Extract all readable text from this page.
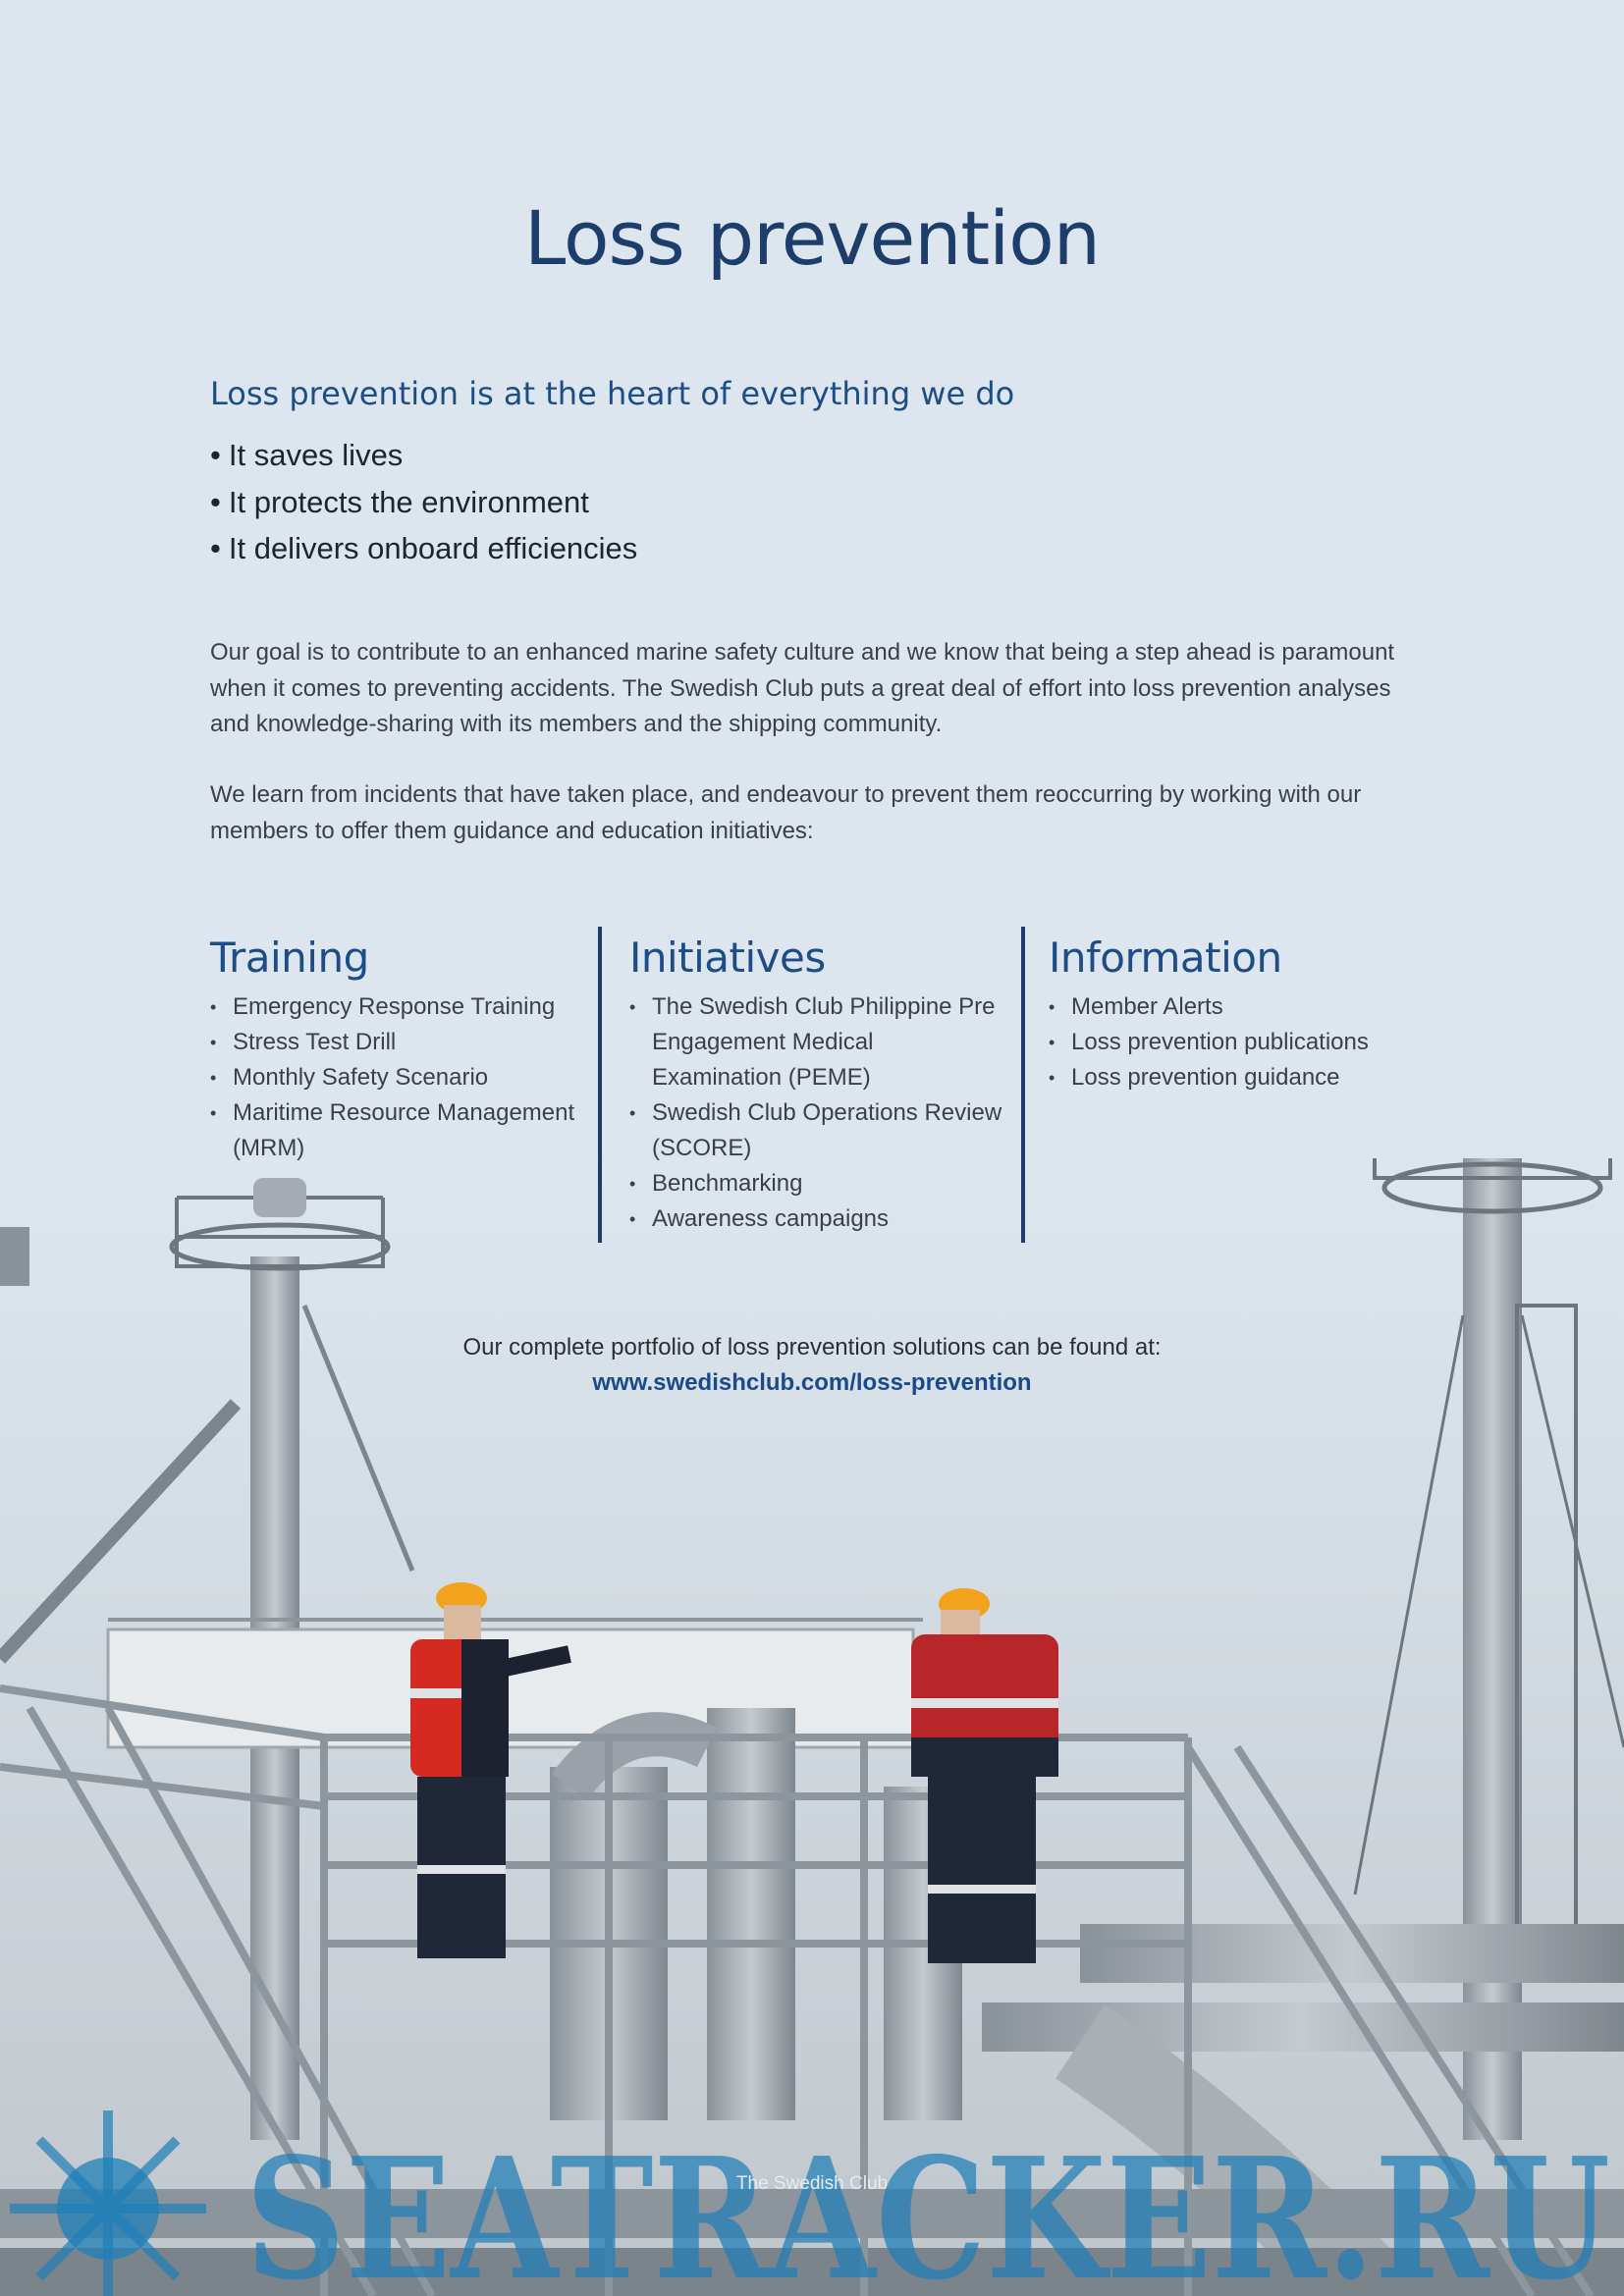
Loss prevention
Loss prevention is at the heart of everything we do
• It saves lives
• It protects the environment
• It delivers onboard efficiencies

Our goal is to contribute to an enhanced marine safety culture and we know that being a step ahead is paramount when it comes to preventing accidents. The Swedish Club puts a great deal of effort into loss prevention analyses and knowledge-sharing with its members and the shipping community.

We learn from incidents that have taken place, and endeavour to prevent them reoccurring by working with our members to offer them guidance and education initiatives:

Training
• Emergency Response Training
• Stress Test Drill
• Monthly Safety Scenario
• Maritime Resource Management (MRM)
Initiatives
• The Swedish Club Philippine Pre Engagement Medical Examination (PEME)
• Swedish Club Operations Review (SCORE)
• Benchmarking
• Awareness campaigns
Information
• Member Alerts
• Loss prevention publications
• Loss prevention guidance
Our complete portfolio of loss prevention solutions can be found at:
www.swedishclub.com/loss-prevention
SEATRACKER.RU
The Swedish Club
